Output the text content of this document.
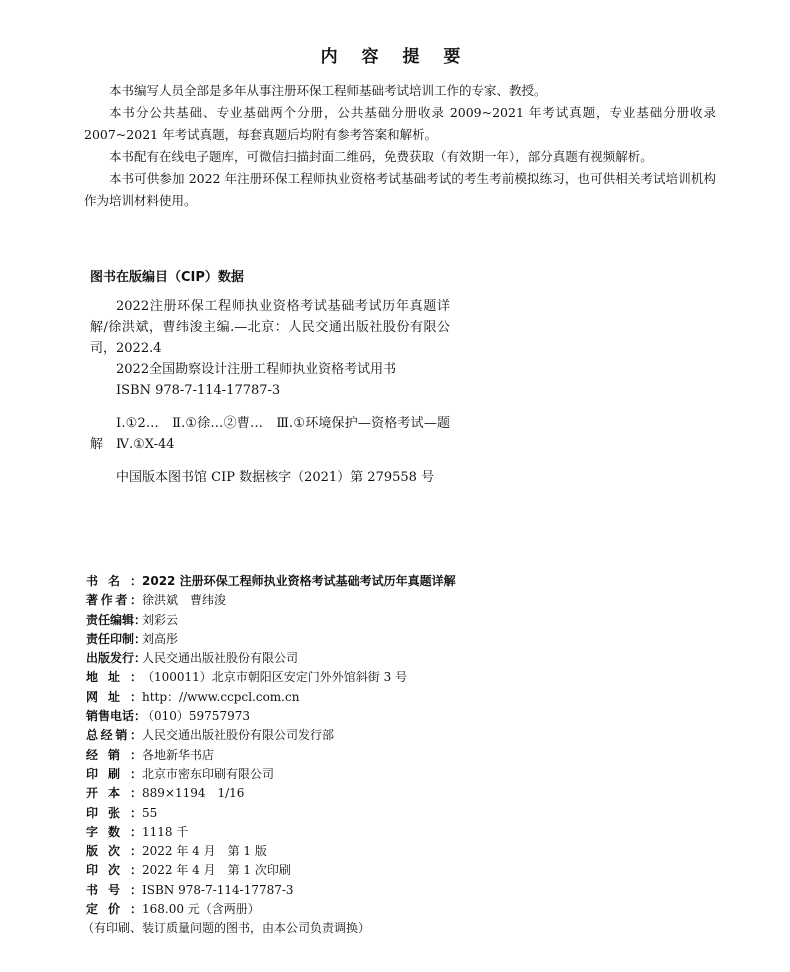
内 容 提 要

本书编写人员全部是多年从事注册环保工程师基础考试培训工作的专家、教授。

本书分公共基础、专业基础两个分册，公共基础分册收录 2009~2021 年考试真题，专业基础分册收录 2007~2021 年考试真题，每套真题后均附有参考答案和解析。

本书配有在线电子题库，可微信扫描封面二维码，免费获取（有效期一年），部分真题有视频解析。

本书可供参加 2022 年注册环保工程师执业资格考试基础考试的考生考前模拟练习，也可供相关考试培训机构作为培训材料使用。

图书在版编目（CIP）数据

2022注册环保工程师执业资格考试基础考试历年真题详解/徐洪斌，曹纬浚主编.—北京：人民交通出版社股份有限公司，2022.4

2022全国勘察设计注册工程师执业资格考试用书

ISBN 978-7-114-17787-3

Ⅰ.①2…　Ⅱ.①徐…②曹…　Ⅲ.①环境保护—资格考试—题解　Ⅳ.①X-44

中国版本图书馆 CIP 数据核字（2021）第 279558 号

书名： 2022 注册环保工程师执业资格考试基础考试历年真题详解
著作者： 徐洪斌　曹纬浚
责任编辑：
刘彩云
责任印制：
刘高彤
出版发行：
人民交通出版社股份有限公司
地址： （100011）北京市朝阳区安定门外外馆斜街 3 号
网址： http：//www.ccpcl.com.cn
销售电话：
（010）59757973
总经销： 人民交通出版社股份有限公司发行部
经销： 各地新华书店
印刷： 北京市密东印刷有限公司
开本： 889×1194　1/16
印张： 55
字数： 1118 千
版次： 2022 年 4 月　第 1 版
印次： 2022 年 4 月　第 1 次印刷
书号： ISBN 978-7-114-17787-3
定价： 168.00 元（含两册）
（有印刷、装订质量问题的图书，由本公司负责调换）
